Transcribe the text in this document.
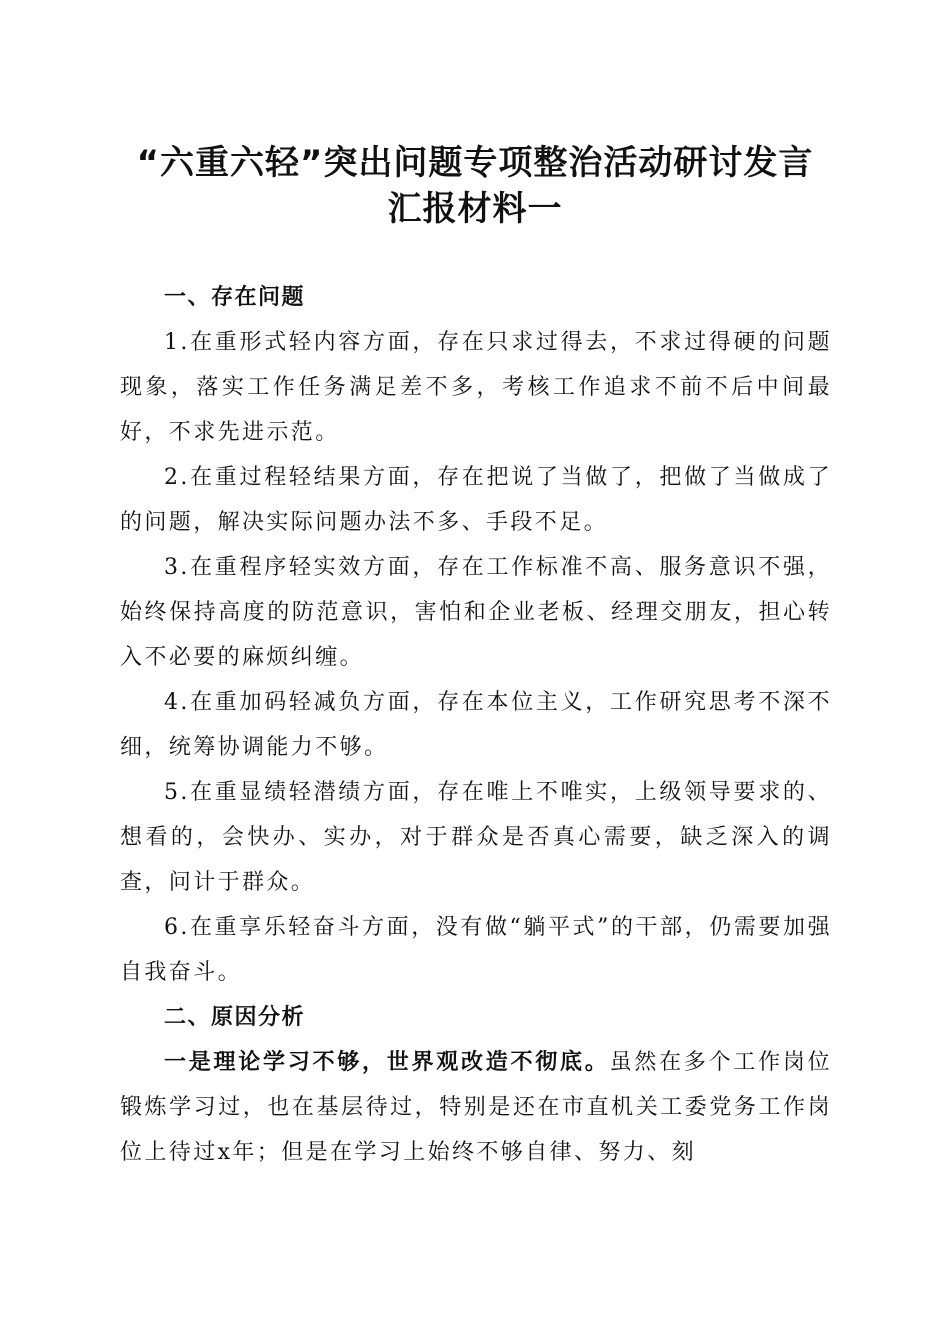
“六重六轻”突出问题专项整治活动研讨发言
汇报材料一

一、存在问题

1.在重形式轻内容方面，存在只求过得去，不求过得硬的问题现象，落实工作任务满足差不多，考核工作追求不前不后中间最好，不求先进示范。

2.在重过程轻结果方面，存在把说了当做了，把做了当做成了的问题，解决实际问题办法不多、手段不足。

3.在重程序轻实效方面，存在工作标准不高、服务意识不强，始终保持高度的防范意识，害怕和企业老板、经理交朋友，担心转入不必要的麻烦纠缠。

4.在重加码轻减负方面，存在本位主义，工作研究思考不深不细，统筹协调能力不够。

5.在重显绩轻潜绩方面，存在唯上不唯实，上级领导要求的、想看的，会快办、实办，对于群众是否真心需要，缺乏深入的调查，问计于群众。

6.在重享乐轻奋斗方面，没有做“躺平式”的干部，仍需要加强自我奋斗。

二、原因分析

一是理论学习不够，世界观改造不彻底。虽然在多个工作岗位锻炼学习过，也在基层待过，特别是还在市直机关工委党务工作岗位上待过x年；但是在学习上始终不够自律、努力、刻
